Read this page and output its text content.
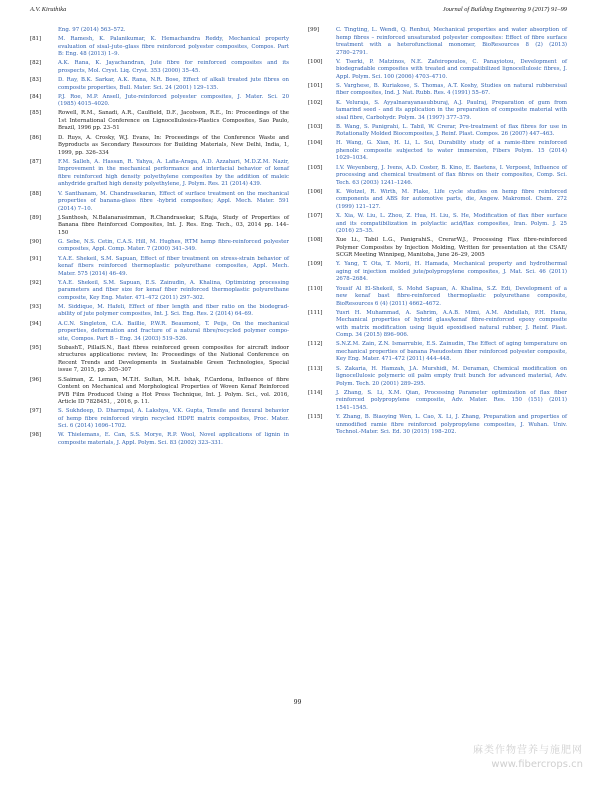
A.V. Kiruthika	Journal of Building Engineering 9 (2017) 91–99
Eng. 97 (2014) 563–572.
[81]	M. Ramesh, K. Palanikumar, K. Hemachandra Reddy, Mechanical property
evaluation of sisal–jute–glass fibre reinforced polyester composites, Compos. Part
B: Eng. 48 (2013) 1–9.
[82]	A.K. Rana, K. Jayachandran, Jute fibre for reinforced composites and its
prospects, Mol. Cryst. Liq. Cryst. 353 (2000) 35–45.
[83]	D. Ray, B.K. Sarkar, A.K. Rana, N.R. Bose, Effect of alkali treated jute fibres on
composite properties, Bull. Mater. Sci. 24 (2001) 129–135.
[84]	P.J. Roe, M.P. Ansell, Jute-reinforced polyester composites, J. Mater. Sci. 20
(1985) 4015–4020.
[85]	Rowell, R.M., Sanadi, A.R., Caulfield, D.F., Jacobson, R.E., In: Proceedings of the
1st International Conference on Lignocellulosics-Plastics Composites, Sao Paulo,
Brazil, 1996 pp. 23–51
[86]	D. Ruys, A. Crosky, W.J. Evans, In: Proceedings of the Conference Waste and
Byproducts as Secondary Resources for Building Materials, New Delhi, India, 1,
1999, pp. 326–334
[87]	F.M. Salleh, A. Hassan, R. Yahya, A. Lafia-Araga, A.D. Azzahari, M.D.Z.M. Nazir,
Improvement in the mechanical performance and interfacial behavior of kenaf
fibre reinforced high density polyethylene composites by the addition of maleic
anhydride grafted high density polyethylene, J. Polym. Res. 21 (2014) 439.
[88]	V. Santhanam, M. Chandrasekaran, Effect of surface treatment on the mechanical
properties of banana-glass fibre -hybrid composites; Appl. Mech. Mater. 591
(2014) 7–10.
[89]	J.Santhosh, N.Balanarasimman, R.Chandrasekar, S.Raja, Study of Properties of
Banana fibre Reinforced Composites, Int. J. Res. Eng. Tech., 03, 2014 pp. 144–
150
[90]	G. Sebe, N.S. Cetin, C.A.S. Hill, M. Hughes, RTM hemp fibre-reinforced polyester
composites, Appl. Comp. Mater. 7 (2000) 341–349.
[91]	Y.A.E. Shekeil, S.M. Sapuan, Effect of fiber treatment on stress-strain behavior of
kenaf fibers reinforced thermoplastic polyurethane composites, Appl. Mech.
Mater. 575 (2014) 46–49.
[92]	Y.A.E. Shekeil, S.M. Sapuan, E.S. Zainudin, A. Khalina, Optimizing processing
parameters and fiber size for kenaf fiber reinforced thermoplastic polyurethane
composite, Key Eng. Mater. 471–472 (2011) 297–302.
[93]	M. Siddique, M. Hafeli, Effect of fiber length and fiber ratio on the biodegrad-
ability of jute polymer composites, Int. J. Sci. Eng. Res. 2 (2014) 64–69.
[94]	A.C.N. Singleton, C.A. Baillie, P.W.R. Beaumont, T. Peijs, On the mechanical
properties, deformation and fracture of a natural fibre/recycled polymer compo-
site, Compos. Part B – Eng. 34 (2003) 519–526.
[95]	SubashT., PillaiS.N., Bast fibres reinforced green composites for aircraft indoor
structures applications: review, In: Proceedings of the National Conference on
Recent Trends and Developments in Sustainable Green Technologies, Special
issue 7, 2015, pp. 305–307
[96]	S.Saiman, Z. Leman, M.T.H. Sultan, M.R. Ishak, F.Cardona, Influence of fibre
Content on Mechanical and Morphological Properties of Woven Kenaf Reinforced
PVB Film Produced Using a Hot Press Technique, Int. J. Polym. Sci., vol. 2016,
Article ID 7828451, , 2016, p. 11.
[97]	S. Sukhdeep, D. Dharmpal, A. Lakshya, V.K. Gupta, Tensile and flexural behavior
of hemp fibre reinforced virgin recycled HDPE matrix composites, Proc. Mater.
Sci. 6 (2014) 1696–1702.
[98]	W. Thielemans, E. Can, S.S. Morye, R.P. Wool, Novel applications of lignin in
composite materials, J. Appl. Polym. Sci. 83 (2002) 323–331.
[99]	C. Tingting, L. Wendi, Q. Renhui, Mechanical properties and water absorption of
hemp fibres – reinforced unsaturated polyester composites: Effect of fibre surface
treatment with a heterofunctional monomer, BioResources 8 (2) (2013)
2780–2791.
[100]	V. Tserki, P. Matzinos, N.E. Zafeiropoulos, C. Panayiotou, Development of
biodegradable composites with treated and compatibilized lignocellulosic fibres, J.
Appl. Polym. Sci. 100 (2006) 4703–4710.
[101]	S. Varghese, B. Kuriakose, S. Thomas, A.T. Koshy, Studies on natural rubbersisal
fiber composites, Ind. J. Nat. Rubb. Res. 4 (1991) 55–67.
[102]	K. Veluraja, S. Ayyalnarayanasubburaj, A.J. Paulraj, Preparation of gum from
tamarind seed - and its application in the preparation of composite material with
sisal fibre, Carbohydr. Polym. 34 (1997) 377–379.
[103]	B. Wang, S. Panigrahi, L. Tabil, W. Crerar, Pre-treatment of flax fibres for use in
Rotationally Molded Biocomposites, J. Reinf. Plast. Compos. 26 (2007) 447–463.
[104]	H. Wang, G. Xian, H. Li, L. Sui, Durability study of a ramie-fibre reinforced
phenolic composite subjected to water immersion, Fibers Polym. 15 (2014)
1029–1034.
[105]	I.V. Weyenberg, J. Ivens, A.D. Coster, B. Kino, E. Baetens, I. Verpoest, Influence of
processing and chemical treatment of flax fibres on their composites, Comp. Sci.
Tech. 63 (2003) 1241–1246.
[106]	K. Wotzel, R. Wirth, M. Flake, Life cycle studies on hemp fibre reinforced
components and ABS for automotive parts, die, Angew. Makromol. Chem. 272
(1999) 121–127.
[107]	X. Xia, W. Liu, L. Zhou, Z. Hua, H. Liu, S. He, Modification of flax fiber surface
and its compatibilization in polylactic acid/flax composites, Iran. Polym. J. 25
(2016) 25–35.
[108]	Xue Li., Tabil L.G., PanigrahiS., CrerarW.J., Processing Flax fibre-reinforced
Polymer Composites by Injection Molding, Written for presentation at the CSAE/
SCGR Meeting Winnipeg, Manitoba, June 26–29, 2005
[109]	Y. Yang, T. Ota, T. Morii, H. Hamada, Mechanical property and hydrothermal
aging of injection molded jute/polypropylene composites, J. Mat. Sci. 46 (2011)
2678–2684.
[110]	Yousif Al El-Shekeil, S. Mohd Sapuan, A. Khalina, S.Z. Edi, Development of a
new kenaf bast fibre-reinforced thermoplastic polyurethane composite,
BioResources 6 (4) (2011) 4662–4672.
[111]	Yusri H. Muhammad, A. Sahrim, A.A.B. Mimi, A.M. Abdullah, P.H. Hana,
Mechanical properties of hybrid glass/kenaf fibre-reinforced epoxy composite
with matrix modification using liquid epoxidised natural rubber, J. Reinf. Plast.
Comp. 34 (2015) 896–906.
[112]	S.N.Z.M. Zain, Z.N. Ismarrubie, E.S. Zainudin, The Effect of aging temperature on
mechanical properties of banana Pseudostem fiber reinforced polyester composite,
Key Eng. Mater. 471–472 (2011) 444–448.
[113]	S. Zakaria, H. Hamzah, J.A. Murshidi, M. Deraman, Chemical modification on
lignocellulosic polymeric oil palm empty fruit bunch for advanced material, Adv.
Polym. Tech. 20 (2001) 289–295.
[114]	J. Zhang, S. Li, X.M. Qian, Processing Parameter optimization of flax fiber
reinforced polypropylene composite, Adv. Mater. Res. 150 (151) (2011)
1541–1545.
[115]	Y. Zhang, B. Biaoying Wen, L. Cao, X. Li, J. Zhang, Preparation and properties of
unmodified ramie fibre reinforced polypropylene composites, J. Wuhan. Univ.
Technol.-Mater. Sci. Ed. 30 (2015) 198–202.
99
麻类作物营养与施肥网
www.fibercrops.cn
